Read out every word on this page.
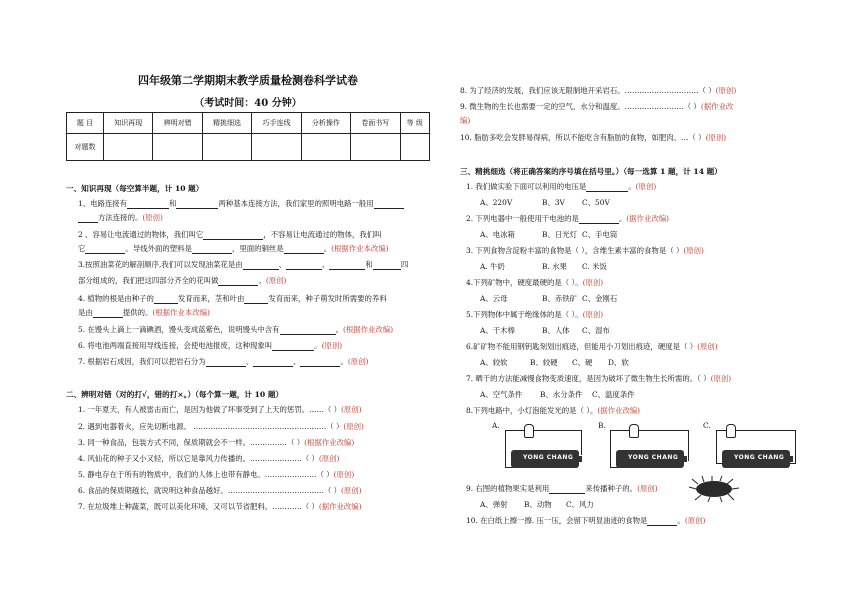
四年级第二学期期末教学质量检测卷科学试卷
（考试时间：40 分钟）
题 目	知识再现	辨明对错	精挑细选	巧手连线	分析操作	卷面书写	等 级
对题数							
一、知识再现（每空算半题，计 10 题）
1、电路连接有	和	两种基本连接方法，我们家里的照明电路一般用
方法连接的。(原创)
2 、容易让电流通过的物体，我们叫它	，不容易让电流通过的物体，我们叫
它	。导线外面的塑料是	，里面的铜丝是	。(根据作业本改编)
3.按照油菜花的解剖顺序,我们可以发现油菜花是由	、	、	和	四
部分组成的，我们把这四部分齐全的花叫做	。(原创)
4. 植物的根是由种子的	发育而来，茎和叶由	发育而来，种子萌发时所需要的养料
是由	提供的。(根据作业本改编)
5. 在馒头上滴上一滴碘酒，馒头变成蓝紫色，说明馒头中含有	。(根据作业改编)
6. 将电池两端直接用导线连接，会使电池报废，这种现象叫	。(原创)
7. 根据岩石成因，我们可以把岩石分为	、	、	。(原创)
二、辨明对错（对的打√，错的打×。）（每个算一题，计 10 题）
1. 一年夏天，有人被雷击而亡，是因为他做了坏事受到了上天的惩罚。……（ ）(原创)
2. 遇到电器着火，应先切断电源。 ………………………………………………（ ）(原创)
3. 同一种食品，包装方式不同，保质期就会不一样。……………（ ）(根据作业改编)
4. 风仙花的种子又小又轻，所以它是靠风力传播的。…………………（ ）(原创)
5. 静电存在于所有的物质中，我们的人体上也带有静电。…………………（ ）(原创)
6. 食品的保质期越长，就说明这种食品越好。…………………………………（ ）(原创)
7. 在垃圾堆上种蔬菜，既可以美化环境，又可以节省肥料。…………（ ）(据作业改编)
8. 为了经济的发展，我们应该无限制地开采岩石。…………………………（ ）(原创)
9. 微生物的生长也需要一定的空气、水分和温度。……………………（ ）(据作业改
编)
10. 脂肪多吃会发胖易得病，所以不能吃含有脂肪的食物，如肥肉、…（ ）(原创)
三、精挑细选（将正确答案的序号填在括号里。）（每一选算 1 题，计 14 题）
1. 我们做实验下面可以利用的电压是	。(原创)
A、220V	B、3V C、50V
2. 下列电器中一般使用干电池的是	。(据作业改编)
A、电冰箱	B、日光灯 C、手电筒
3. 下列食物含淀粉丰富的食物是（ ），含维生素丰富的食物是（ ）(原创)
A. 牛奶	B. 水果 C. 米饭
4.下列矿物中，硬度最硬的是（ ）。(原创)
A、云母	B、赤铁矿 C、金刚石
5.下列物体中属于绝缘体的是（ ）。(原创)
A、干木棒	B、人体 C、湿布
6.矿矿物不能用钢钥匙刻划出痕迹，但能用小刀划出痕迹，硬度是（ ）(原创)
A、较软	B、较硬 C、硬 D、软
7. 晒干的方法能减慢食物变质速度，是因为破坏了微生物生长所需的。（ ）(原创)
A、空气条件 B、水分条件 C、温度条件
8.下列电路中，小灯泡能发光的是（ ）。(据作业改编)
A.	B.	C.
YONG CHANG	YONG CHANG	YONG CHANG
9. 右图的植物果实是利用	来传播种子的。(原创)
A、弹射 B、动物 C、风力
10. 在白纸上擦一擦. 压一压，会留下明显油迹的食物是	。(原创)
